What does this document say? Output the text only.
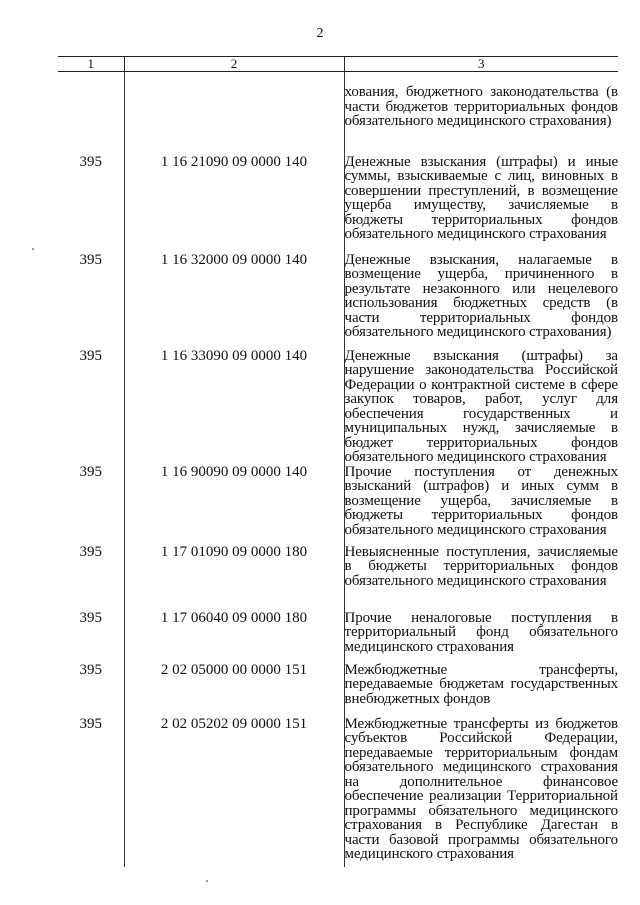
2
1	2	3
		хования, бюджетного законодательства (в части бюджетов территориальных фондов обязательного медицинского страхования)
395	1 16 21090 09 0000 140	Денежные взыскания (штрафы) и иные суммы, взыскиваемые с лиц, виновных в совершении преступлений, в возмещение ущерба имуществу, зачисляемые в бюджеты территориальных фондов обязательного медицинского страхования
395	1 16 32000 09 0000 140	Денежные взыскания, налагаемые в возмещение ущерба, причиненного в результате незаконного или нецелевого использования бюджетных средств (в части территориальных фондов обязательного медицинского страхования)
395	1 16 33090 09 0000 140	Денежные взыскания (штрафы) за нарушение законодательства Российской Федерации о контрактной системе в сфере закупок товаров, работ, услуг для обеспечения государственных и муниципальных нужд, зачисляемые в бюджет территориальных фондов обязательного медицинского страхования
395	1 16 90090 09 0000 140	Прочие поступления от денежных взысканий (штрафов) и иных сумм в возмещение ущерба, зачисляемые в бюджеты территориальных фондов обязательного медицинского страхования
395	1 17 01090 09 0000 180	Невыясненные поступления, зачисляемые в бюджеты территориальных фондов обязательного медицинского страхования
395	1 17 06040 09 0000 180	Прочие неналоговые поступления в территориальный фонд обязательного медицинского страхования
395	2 02 05000 00 0000 151	Межбюджетные трансферты, передаваемые бюджетам государственных внебюджетных фондов
395	2 02 05202 09 0000 151	Межбюджетные трансферты из бюджетов субъектов Российской Федерации, передаваемые территориальным фондам обязательного медицинского страхования на дополнительное финансовое обеспечение реализации Территориальной программы обязательного медицинского страхования в Республике Дагестан в части базовой программы обязательного медицинского страхования
